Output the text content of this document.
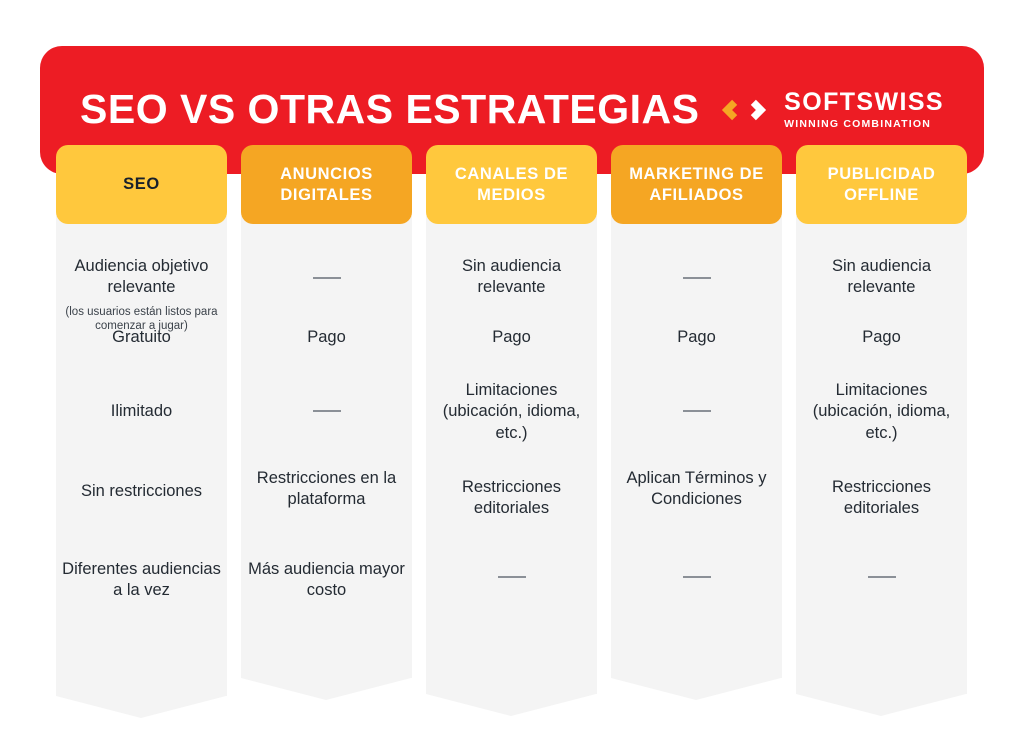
SEO VS OTRAS ESTRATEGIAS	SOFTSWISS
WINNING COMBINATION
SEO
Audiencia objetivo relevante
(los usuarios están listos para comenzar a jugar)
Gratuito
Ilimitado
Sin restricciones
Diferentes audiencias a la vez
ANUNCIOS DIGITALES
Pago
Restricciones en la plataforma
Más audiencia mayor costo
CANALES DE MEDIOS
Sin audiencia relevante
Pago
Limitaciones (ubicación, idioma, etc.)
Restricciones editoriales
MARKETING DE AFILIADOS
Pago
Aplican Términos y Condiciones
PUBLICIDAD OFFLINE
Sin audiencia relevante
Pago
Limitaciones (ubicación, idioma, etc.)
Restricciones editoriales
